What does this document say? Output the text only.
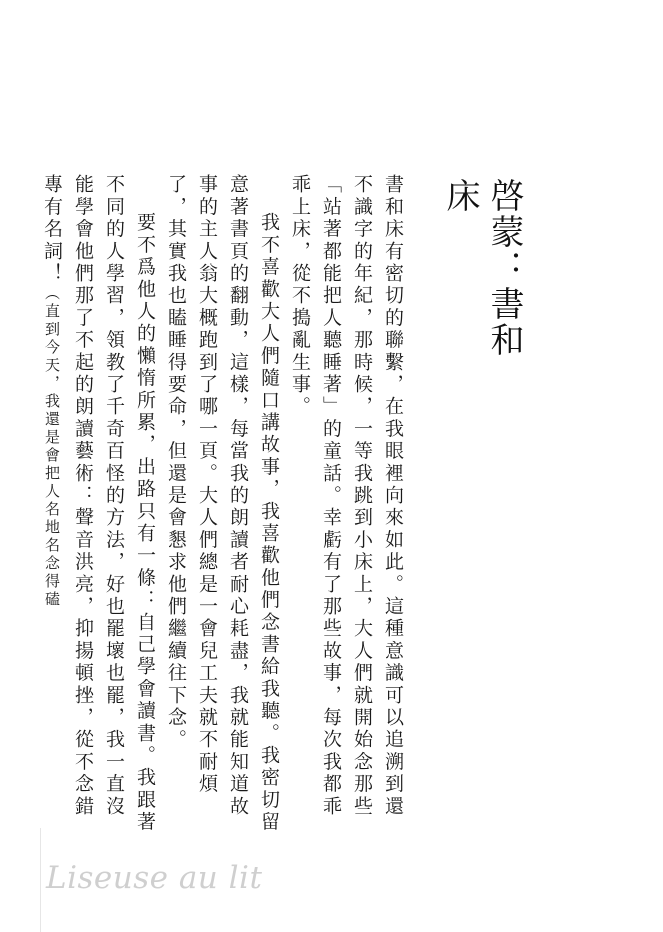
啓蒙：書和床

書和床有密切的聯繫，在我眼裡向來如此。這種意識可以追溯到還不識字的年紀，那時候，一等我跳到小床上，大人們就開始念那些「站著都能把人聽睡著」的童話。幸虧有了那些故事，每次我都乖乖上床，從不搗亂生事。

我不喜歡大人們隨口講故事，我喜歡他們念書給我聽。我密切留意著書頁的翻動，這樣，每當我的朗讀者耐心耗盡，我就能知道故事的主人翁大概跑到了哪一頁。大人們總是一會兒工夫就不耐煩了，其實我也瞌睡得要命，但還是會懇求他們繼續往下念。

要不爲他人的懶惰所累，出路只有一條：自己學會讀書。我跟著不同的人學習，領教了千奇百怪的方法，好也罷壞也罷，我一直沒能學會他們那了不起的朗讀藝術：聲音洪亮，抑揚頓挫，從不念錯專有名詞！（直到今天，我還是會把人名地名念得磕

Liseuse au lit
